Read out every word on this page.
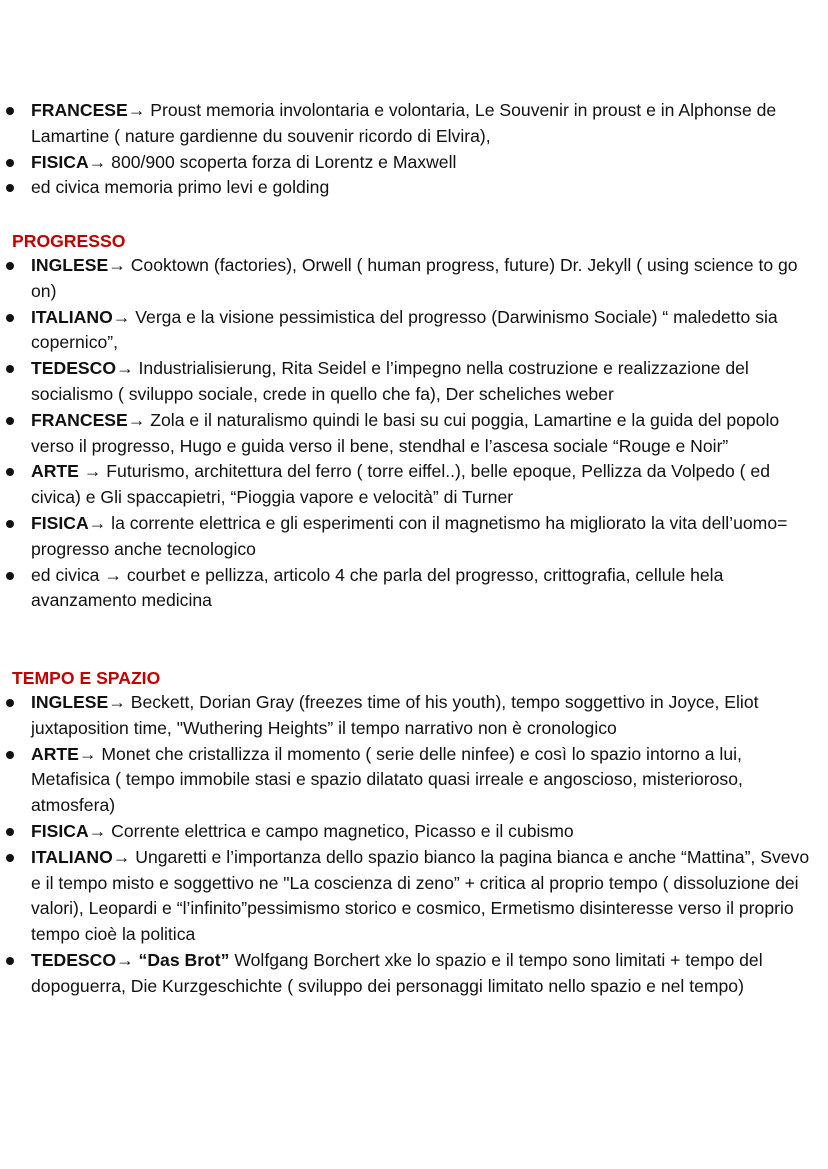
FRANCESE→ Proust memoria involontaria e volontaria, Le Souvenir in proust e in Alphonse de Lamartine ( nature gardienne du souvenir ricordo di Elvira),
FISICA→ 800/900 scoperta forza di Lorentz e Maxwell
ed civica memoria primo levi e golding
PROGRESSO
INGLESE→ Cooktown (factories), Orwell ( human progress, future) Dr. Jekyll ( using science to go on)
ITALIANO→ Verga e la visione pessimistica del progresso (Darwinismo Sociale) “ maledetto sia copernico”,
TEDESCO→ Industrialisierung, Rita Seidel e l’impegno nella costruzione e realizzazione del socialismo ( sviluppo sociale, crede in quello che fa), Der scheliches weber
FRANCESE→ Zola e il naturalismo quindi le basi su cui poggia, Lamartine e la guida del popolo verso il progresso, Hugo e guida verso il bene, stendhal e l’ascesa sociale “Rouge e Noir”
ARTE → Futurismo, architettura del ferro ( torre eiffel..), belle epoque, Pellizza da Volpedo ( ed civica) e Gli spaccapietri, “Pioggia vapore e velocità” di Turner
FISICA→ la corrente elettrica e gli esperimenti con il magnetismo ha migliorato la vita dell’uomo= progresso anche tecnologico
ed civica → courbet e pellizza, articolo 4 che parla del progresso, crittografia, cellule hela avanzamento medicina
TEMPO E SPAZIO
INGLESE→ Beckett, Dorian Gray (freezes time of his youth), tempo soggettivo in Joyce, Eliot juxtaposition time, "Wuthering Heights” il tempo narrativo non è cronologico
ARTE→ Monet che cristallizza il momento ( serie delle ninfee) e così lo spazio intorno a lui, Metafisica ( tempo immobile stasi e spazio dilatato quasi irreale e angoscioso, misterioroso, atmosfera)
FISICA→ Corrente elettrica e campo magnetico, Picasso e il cubismo
ITALIANO→ Ungaretti e l’importanza dello spazio bianco la pagina bianca e anche “Mattina”, Svevo e il tempo misto e soggettivo ne "La coscienza di zeno” + critica al proprio tempo ( dissoluzione dei valori), Leopardi e “l’infinito”pessimismo storico e cosmico, Ermetismo disinteresse verso il proprio tempo cioè la politica
TEDESCO→ “Das Brot” Wolfgang Borchert xke lo spazio e il tempo sono limitati + tempo del dopoguerra, Die Kurzgeschichte ( sviluppo dei personaggi limitato nello spazio e nel tempo)
